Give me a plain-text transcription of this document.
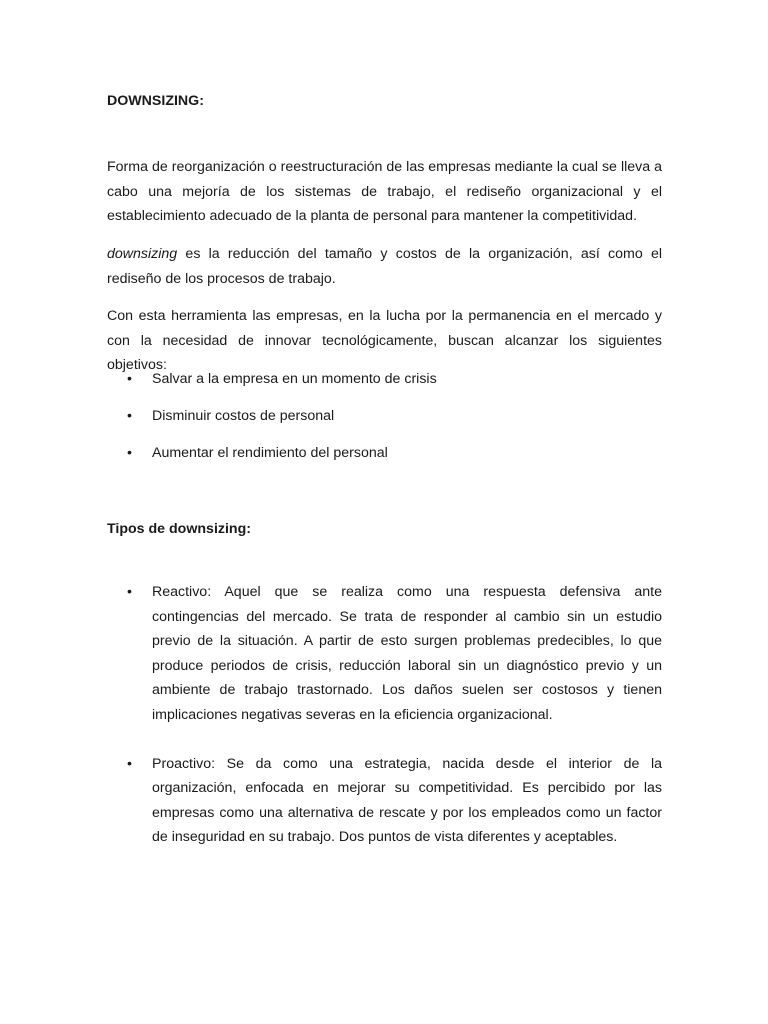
DOWNSIZING:

Forma de reorganización o reestructuración de las empresas mediante la cual se lleva a cabo una mejoría de los sistemas de trabajo, el rediseño organizacional y el establecimiento adecuado de la planta de personal para mantener la competitividad.

downsizing es la reducción del tamaño y costos de la organización, así como el rediseño de los procesos de trabajo.

Con esta herramienta las empresas, en la lucha por la permanencia en el mercado y con la necesidad de innovar tecnológicamente, buscan alcanzar los siguientes objetivos:

• Salvar a la empresa en un momento de crisis
• Disminuir costos de personal
• Aumentar el rendimiento del personal

Tipos de downsizing:

• Reactivo: Aquel que se realiza como una respuesta defensiva ante contingencias del mercado. Se trata de responder al cambio sin un estudio previo de la situación. A partir de esto surgen problemas predecibles, lo que produce periodos de crisis, reducción laboral sin un diagnóstico previo y un ambiente de trabajo trastornado. Los daños suelen ser costosos y tienen implicaciones negativas severas en la eficiencia organizacional.
• Proactivo: Se da como una estrategia, nacida desde el interior de la organización, enfocada en mejorar su competitividad. Es percibido por las empresas como una alternativa de rescate y por los empleados como un factor de inseguridad en su trabajo. Dos puntos de vista diferentes y aceptables.
